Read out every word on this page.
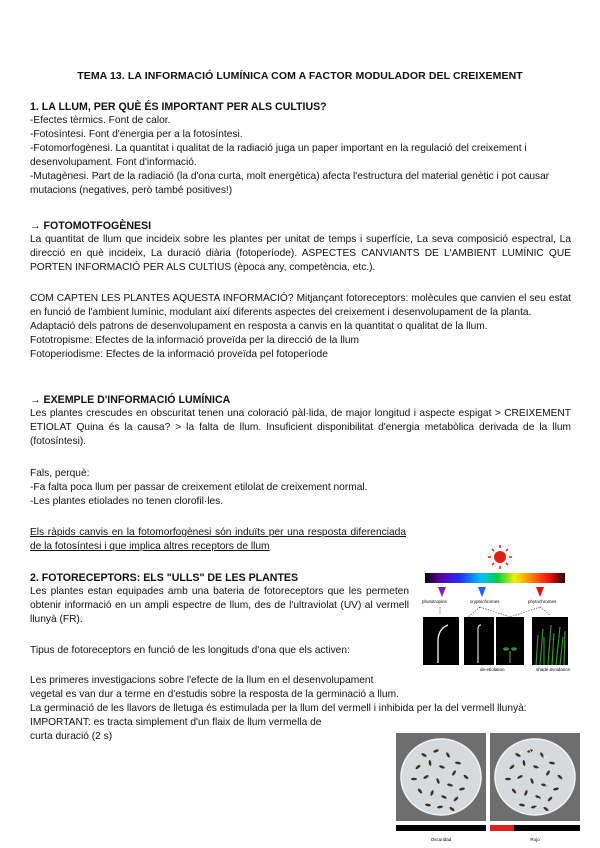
TEMA 13. LA INFORMACIÓ LUMÍNICA COM A FACTOR MODULADOR DEL CREIXEMENT

1. LA LLUM, PER QUÈ ÉS IMPORTANT PER ALS CULTIUS?

-Efectes tèrmics. Font de calor.

-Fotosíntesi. Font d'energia per a la fotosíntesi.

-Fotomorfogènesi. La quantitat i qualitat de la radiació juga un paper important en la regulació del creixement i desenvolupament. Font d'informació.

-Mutagènesi. Part de la radiació (la d'ona curta, molt energètica) afecta l'estructura del material genètic i pot causar mutacions (negatives, però també positives!)

→ FOTOMOTFOGÈNESI

La quantitat de llum que incideix sobre les plantes per unitat de temps i superfície, La seva composició espectral, La direcció en què incideix, La duració diària (fotoperíode). ASPECTES CANVIANTS DE L'AMBIENT LUMÍNIC QUE PORTEN INFORMACIÓ PER ALS CULTIUS (època any, competència, etc.).

COM CAPTEN LES PLANTES AQUESTA INFORMACIÓ? Mitjançant fotoreceptors: molècules que canvien el seu estat en funció de l'ambient lumínic, modulant així diferents aspectes del creixement i desenvolupament de la planta.

Adaptació dels patrons de desenvolupament en resposta a canvis en la quantitat o qualitat de la llum.

Fototropisme: Efectes de la informació proveïda per la direcció de la llum

Fotoperiodisme: Efectes de la informació proveïda pel fotoperíode

→ EXEMPLE D'INFORMACIÓ LUMÍNICA

Les plantes crescudes en obscuritat tenen una coloració pàl·lida, de major longitud i aspecte espigat > CREIXEMENT ETIOLAT Quina és la causa? > la falta de llum. Insuficient disponibilitat d'energia metabòlica derivada de la llum (fotosíntesi).

Fals, perquè:

-Fa falta poca llum per passar de creixement etilolat de creixement normal.

-Les plantes etiolades no tenen clorofil·les.

Els ràpids canvis en la fotomorfogènesi són induïts per una resposta diferenciada de la fotosíntesi i que implica altres receptors de llum

2. FOTORECEPTORS: ELS "ULLS" DE LES PLANTES

Les plantes estan equipades amb una bateria de fotoreceptors que les permeten obtenir informació en un ampli espectre de llum, des de l'ultraviolat (UV) al vermell llunyà (FR).

Tipus de fotoreceptors en funció de les longituds d'ona que els activen:

Les primeres investigacions sobre l'efecte de la llum en el desenvolupament vegetal es van dur a terme en d'estudis sobre la resposta de la germinació a llum.

La germinació de les llavors de lletuga és estimulada per la llum del vermell i inhibida per la del vermell llunyà:

IMPORTANT: es tracta simplement d'un flaix de llum vermella de curta duració (2 s)

phototropins	cryptochromes	phytochromes
de-etiolation	shade avoidance
Oscuridad	Rojo
